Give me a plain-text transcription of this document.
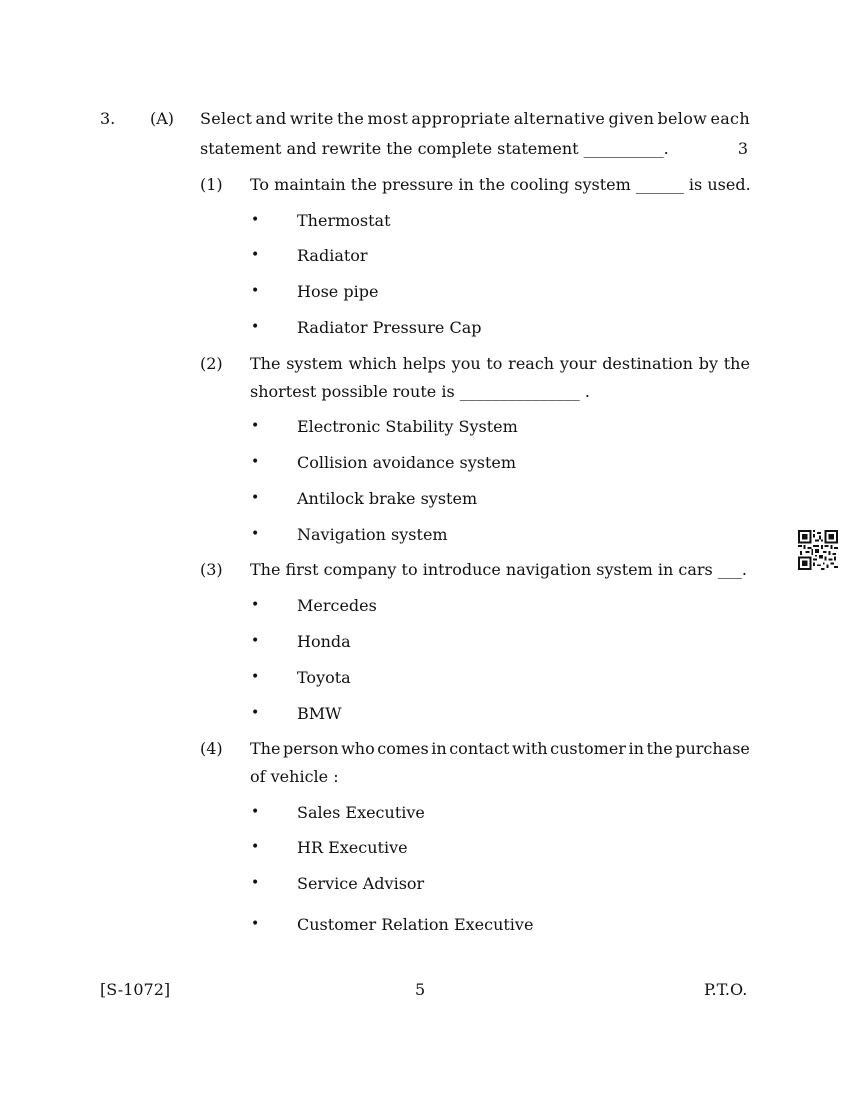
3. (A) Select and write the most appropriate alternative given below each
statement and rewrite the complete statement __________.	3
(1) To maintain the pressure in the cooling system ______ is used.
• Thermostat
• Radiator
• Hose pipe
• Radiator Pressure Cap
(2) The system which helps you to reach your destination by the
shortest possible route is _______________ .
• Electronic Stability System
• Collision avoidance system
• Antilock brake system
• Navigation system
(3) The first company to introduce navigation system in cars ___.
• Mercedes
• Honda
• Toyota
• BMW
(4) The person who comes in contact with customer in the purchase
of vehicle :
• Sales Executive
• HR Executive
• Service Advisor
• Customer Relation Executive
[S-1072]	5	P.T.O.
